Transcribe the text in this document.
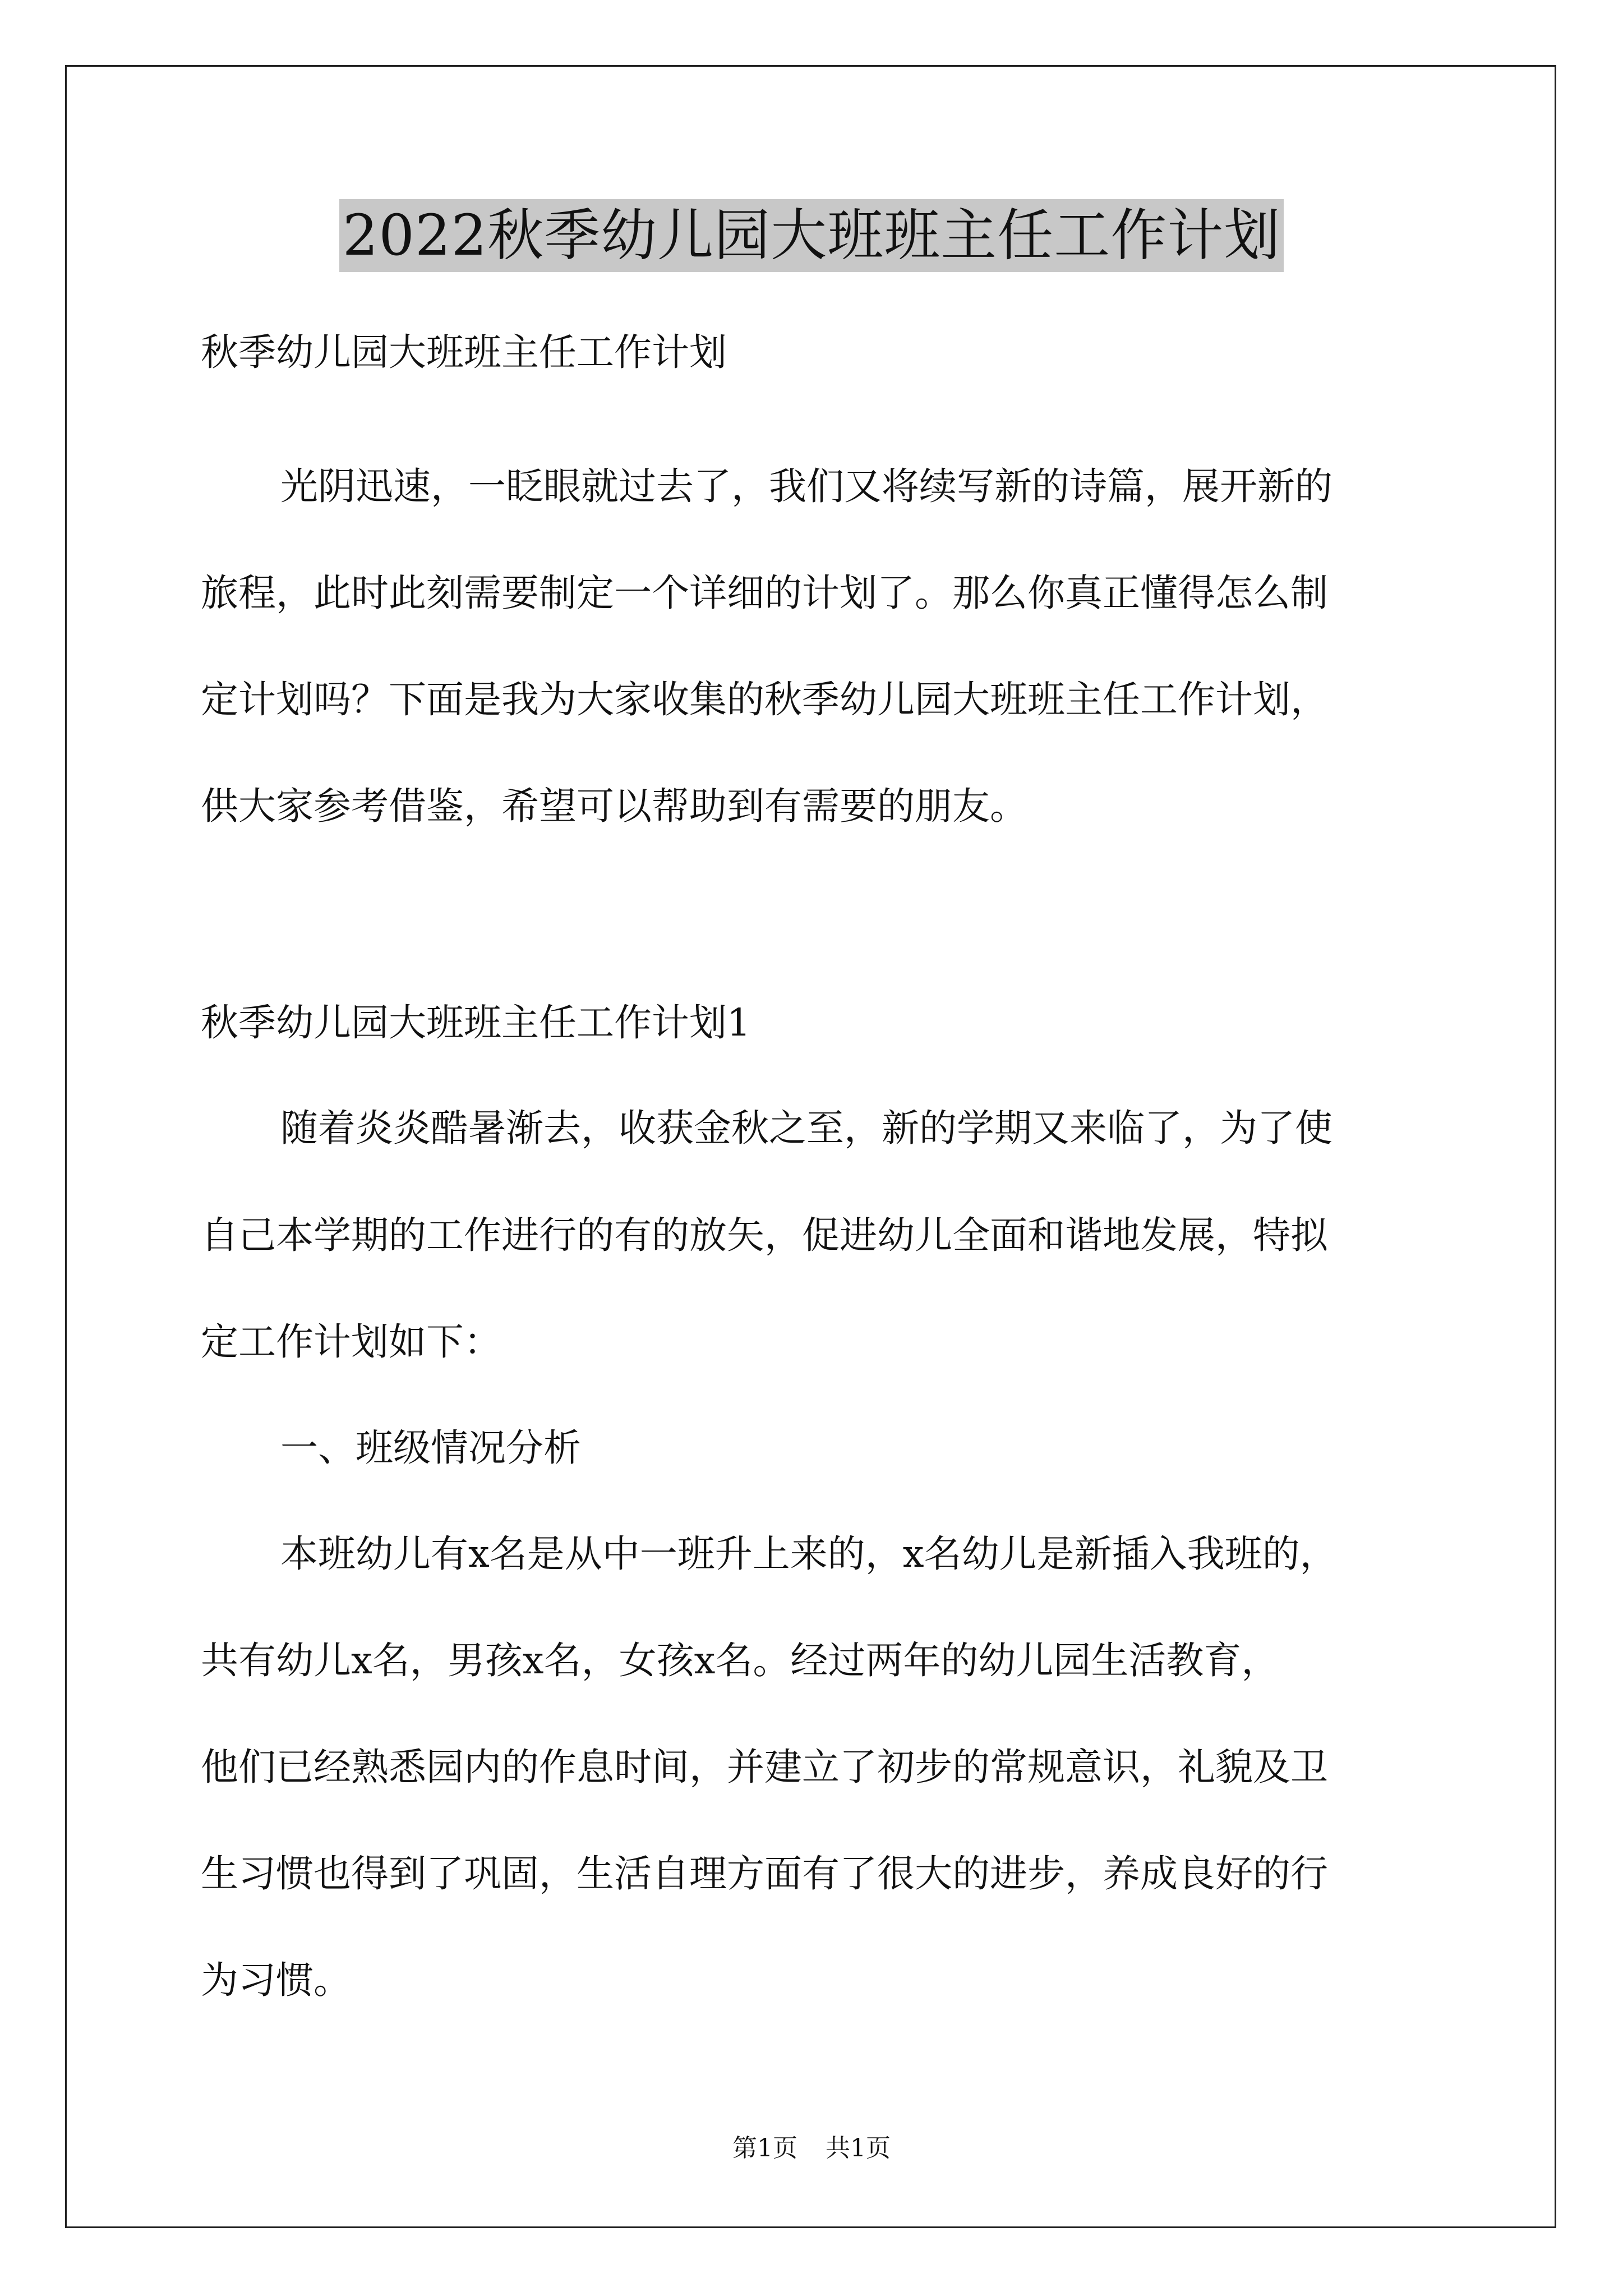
2022秋季幼儿园大班班主任工作计划
秋季幼儿园大班班主任工作计划
光阴迅速，一眨眼就过去了，我们又将续写新的诗篇，展开新的
旅程，此时此刻需要制定一个详细的计划了。那么你真正懂得怎么制
定计划吗？下面是我为大家收集的秋季幼儿园大班班主任工作计划，
供大家参考借鉴，希望可以帮助到有需要的朋友。
秋季幼儿园大班班主任工作计划1
随着炎炎酷暑渐去，收获金秋之至，新的学期又来临了，为了使
自己本学期的工作进行的有的放矢，促进幼儿全面和谐地发展，特拟
定工作计划如下：
一、班级情况分析
本班幼儿有x名是从中一班升上来的，x名幼儿是新插入我班的，
共有幼儿x名，男孩x名，女孩x名。经过两年的幼儿园生活教育，
他们已经熟悉园内的作息时间，并建立了初步的常规意识，礼貌及卫
生习惯也得到了巩固，生活自理方面有了很大的进步，养成良好的行
为习惯。
第1页 共1页
